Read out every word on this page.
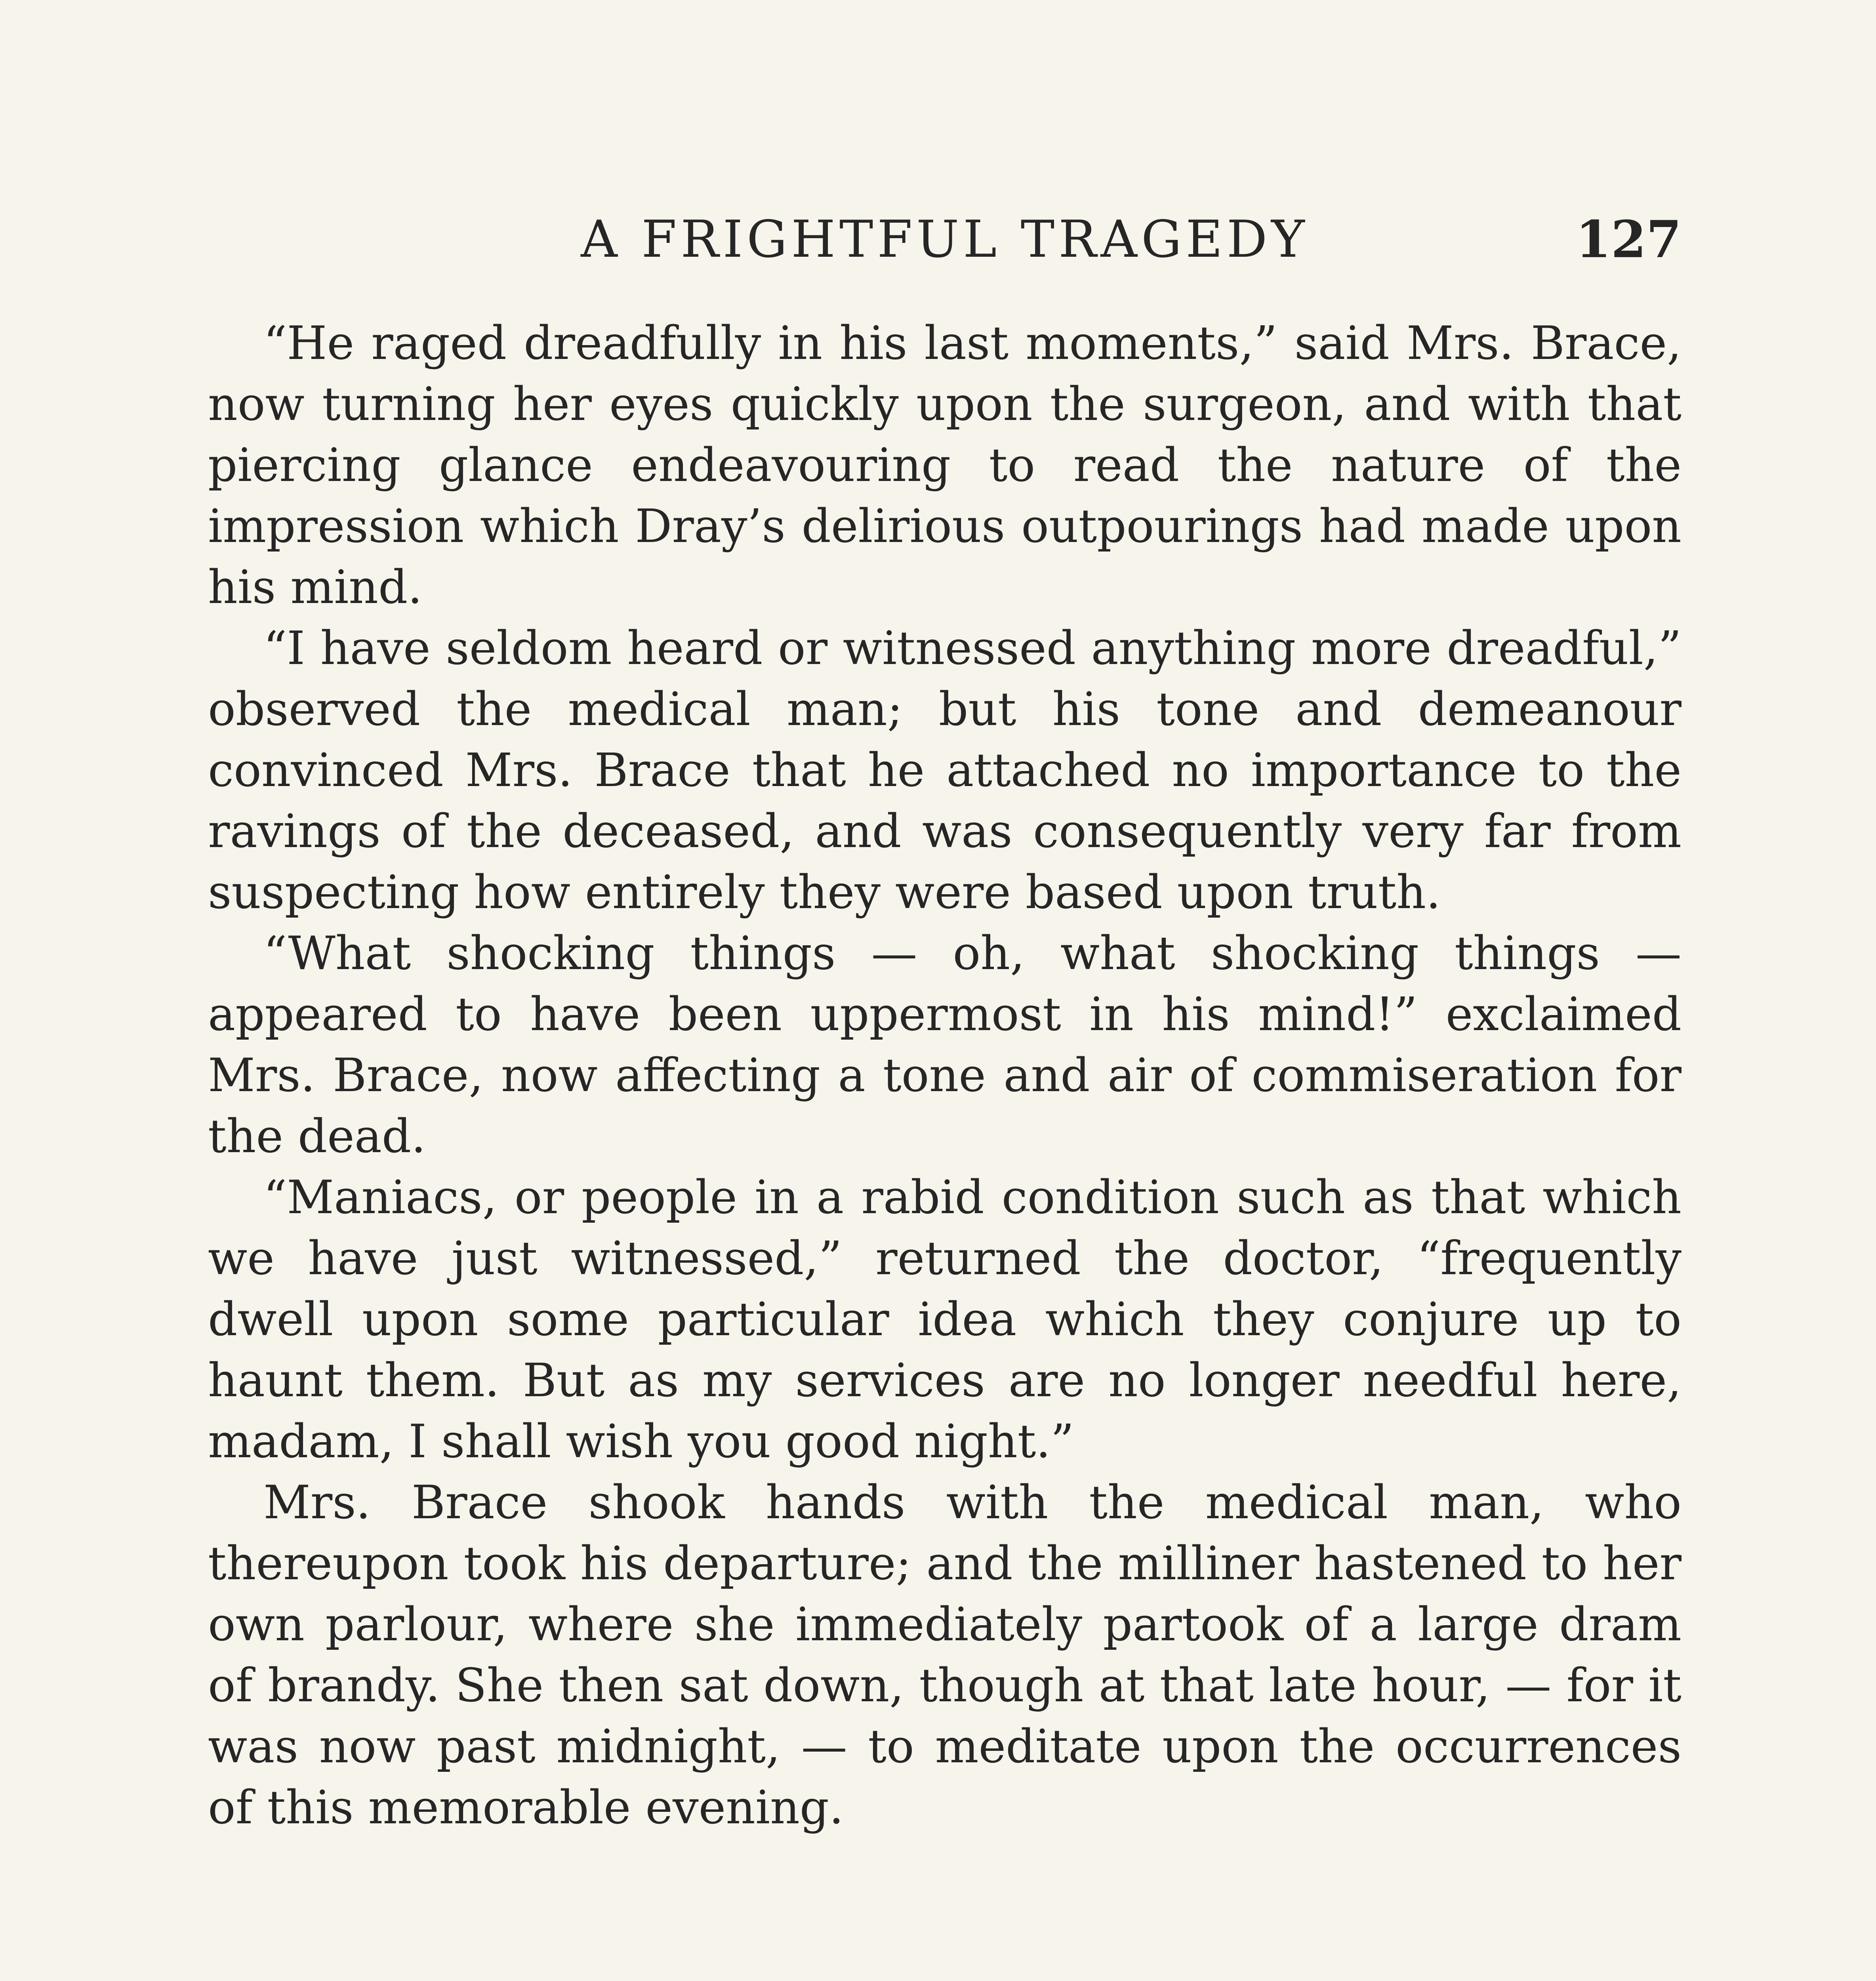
A FRIGHTFUL TRAGEDY	127

“He raged dreadfully in his last moments,” said Mrs. Brace, now turning her eyes quickly upon the surgeon, and with that piercing glance endeavouring to read the nature of the impression which Dray’s delirious outpourings had made upon his mind.

“I have seldom heard or witnessed anything more dreadful,” observed the medical man; but his tone and demeanour convinced Mrs. Brace that he attached no importance to the ravings of the deceased, and was consequently very far from suspecting how entirely they were based upon truth.

“What shocking things — oh, what shocking things — appeared to have been uppermost in his mind!” exclaimed Mrs. Brace, now affecting a tone and air of commiseration for the dead.

“Maniacs, or people in a rabid condition such as that which we have just witnessed,” returned the doctor, “frequently dwell upon some particular idea which they conjure up to haunt them. But as my services are no longer needful here, madam, I shall wish you good night.”

Mrs. Brace shook hands with the medical man, who thereupon took his departure; and the milliner hastened to her own parlour, where she immediately partook of a large dram of brandy. She then sat down, though at that late hour, — for it was now past midnight, — to meditate upon the occurrences of this memorable evening.
